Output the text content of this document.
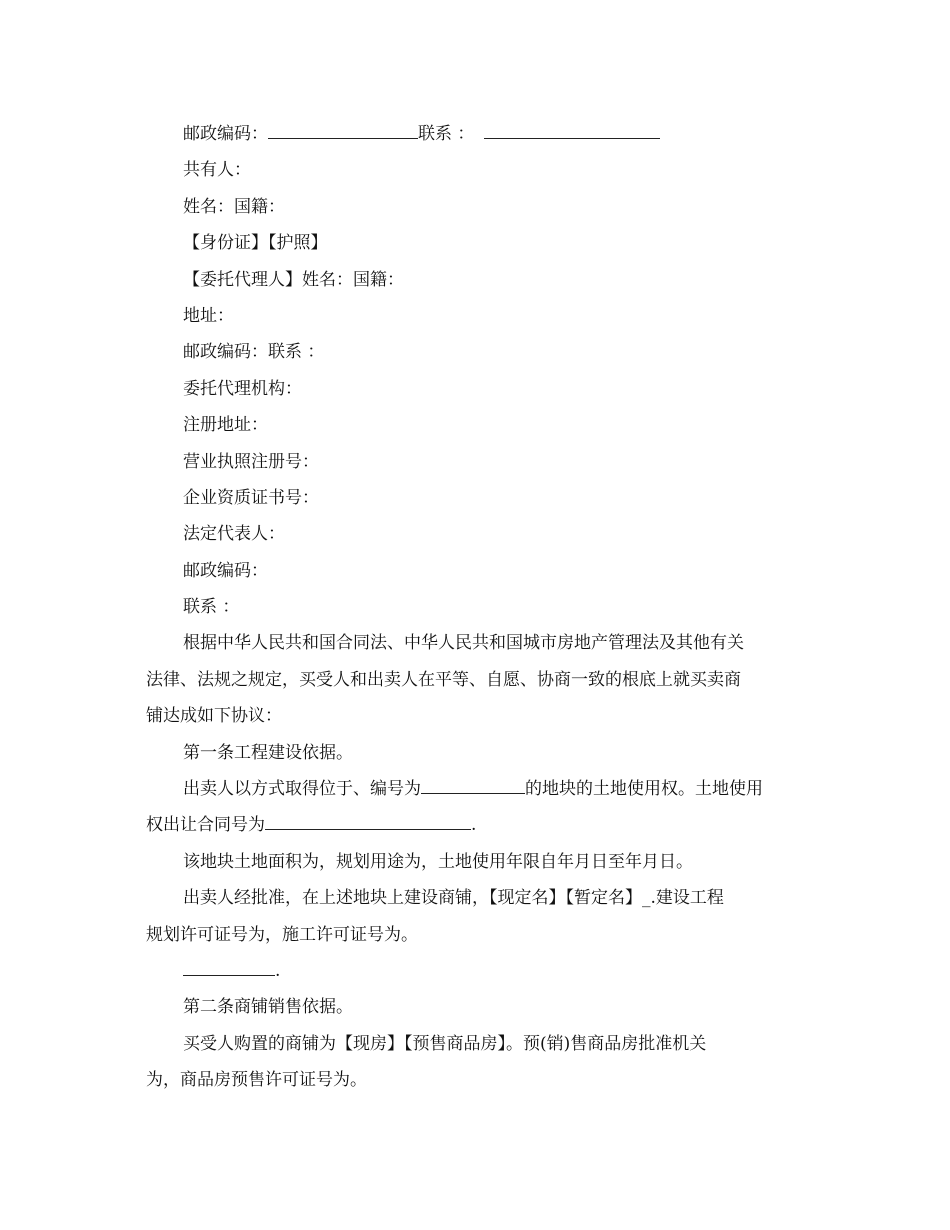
邮政编码：	联系 ：
共有人：
姓名：国籍：
【身份证】【护照】
【委托代理人】姓名：国籍：
地址：
邮政编码：联系 ：
委托代理机构：
注册地址：
营业执照注册号：
企业资质证书号：
法定代表人：
邮政编码：
联系 ：
根据中华人民共和国合同法、中华人民共和国城市房地产管理法及其他有关
法律、法规之规定，买受人和出卖人在平等、自愿、协商一致的根底上就买卖商
铺达成如下协议：
第一条工程建设依据。
出卖人以方式取得位于、编号为	的地块的土地使用权。土地使用
权出让合同号为	.
该地块土地面积为，规划用途为，土地使用年限自年月日至年月日。
出卖人经批准，在上述地块上建设商铺，【现定名】【暂定名】_.建设工程
规划许可证号为，施工许可证号为。
.
第二条商铺销售依据。
买受人购置的商铺为【现房】【预售商品房】。预(销)售商品房批准机关
为，商品房预售许可证号为。
